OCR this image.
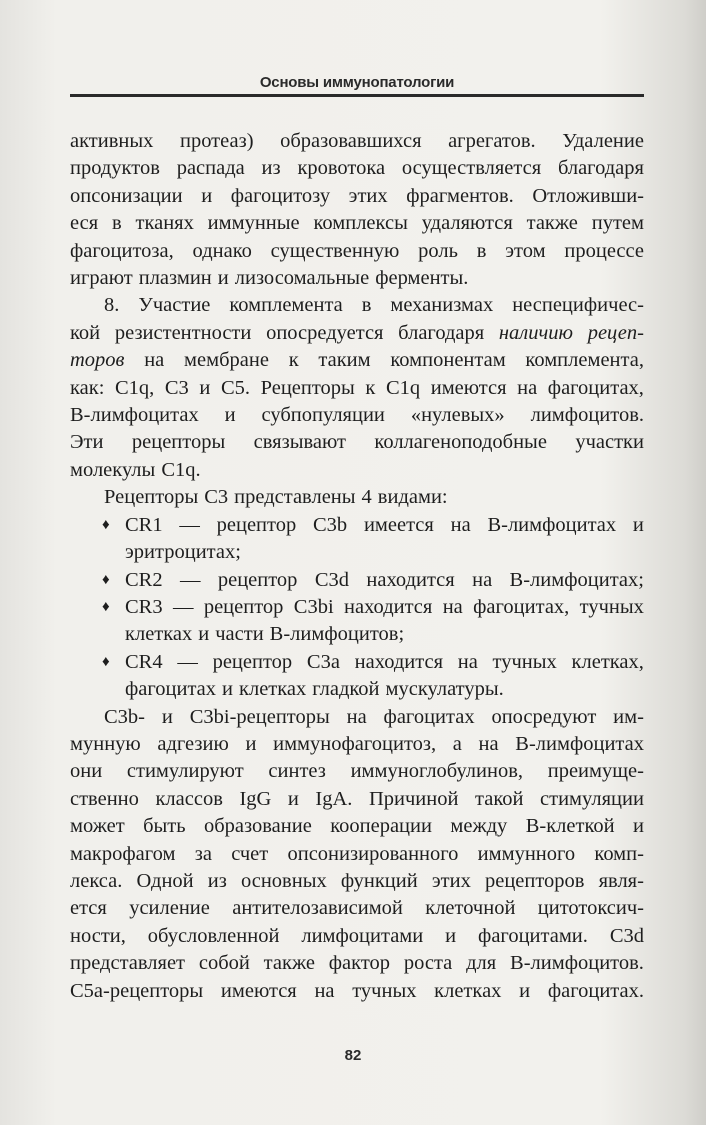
Основы иммунопатологии
активных протеаз) образовавшихся агрегатов. Удаление
продуктов распада из кровотока осуществляется благодаря
опсонизации и фагоцитозу этих фрагментов. Отложивши-
еся в тканях иммунные комплексы удаляются также путем
фагоцитоза, однако существенную роль в этом процессе
играют плазмин и лизосомальные ферменты.
8. Участие комплемента в механизмах неспецифичес-
кой резистентности опосредуется благодаря наличию рецеп-
торов на мембране к таким компонентам комплемента,
как: C1q, C3 и C5. Рецепторы к C1q имеются на фагоцитах,
B-лимфоцитах и субпопуляции «нулевых» лимфоцитов.
Эти рецепторы связывают коллагеноподобные участки
молекулы C1q.
Рецепторы C3 представлены 4 видами:
♦ CR1 — рецептор C3b имеется на B-лимфоцитах и
эритроцитах;
♦ CR2 — рецептор C3d находится на B-лимфоцитах;
♦ CR3 — рецептор C3bi находится на фагоцитах, тучных
клетках и части B-лимфоцитов;
♦ CR4 — рецептор C3a находится на тучных клетках,
фагоцитах и клетках гладкой мускулатуры.
C3b- и C3bi-рецепторы на фагоцитах опосредуют им-
мунную адгезию и иммунофагоцитоз, а на B-лимфоцитах
они стимулируют синтез иммуноглобулинов, преимуще-
ственно классов IgG и IgA. Причиной такой стимуляции
может быть образование кооперации между B-клеткой и
макрофагом за счет опсонизированного иммунного комп-
лекса. Одной из основных функций этих рецепторов явля-
ется усиление антителозависимой клеточной цитотоксич-
ности, обусловленной лимфоцитами и фагоцитами. C3d
представляет собой также фактор роста для B-лимфоцитов.
C5a-рецепторы имеются на тучных клетках и фагоцитах.
82
